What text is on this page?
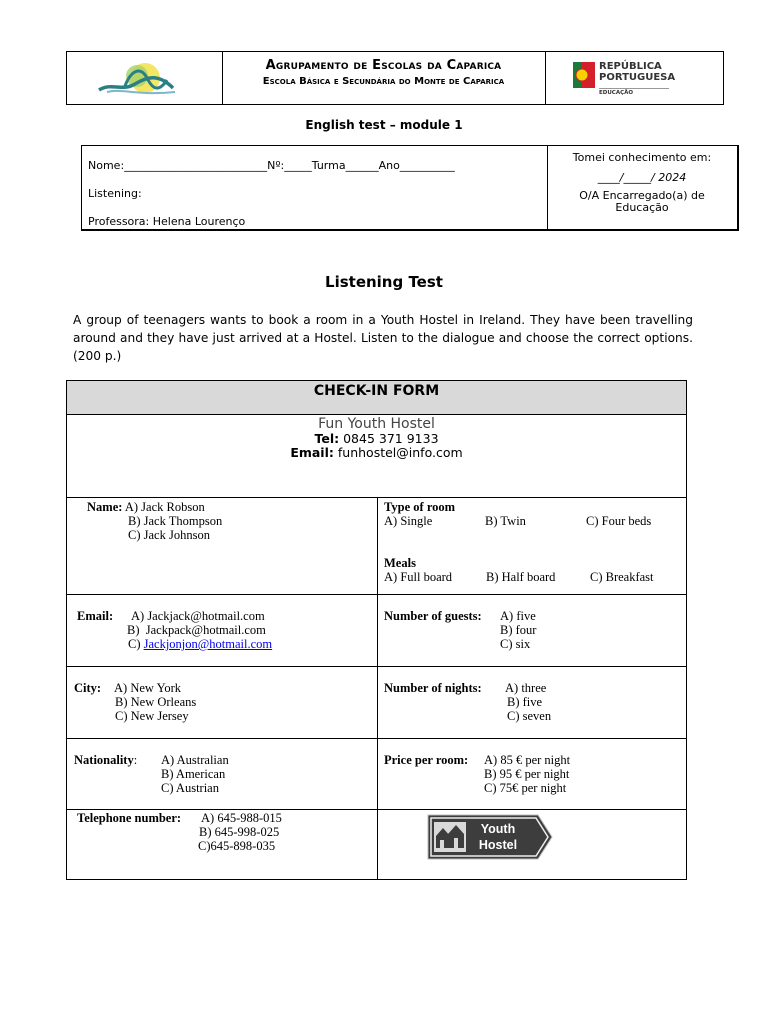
Agrupamento de Escolas da Caparica
Escola Básica e Secundária do Monte de Caparica
REPÚBLICA
PORTUGUESA
EDUCAÇÃO
English test – module 1
Nome:__________________________Nº:_____Turma______Ano__________
Listening:
Professora: Helena Lourenço
Tomei conhecimento em:
____/_____/ 2024
O/A Encarregado(a) de Educação
Listening Test
A group of teenagers wants to book a room in a Youth Hostel in Ireland. They have been travelling around and they have just arrived at a Hostel. Listen to the dialogue and choose the correct options. (200 p.)
CHECK-IN FORM
Fun Youth Hostel
Tel: 0845 371 9133
Email: funhostel@info.com
Name: A) Jack Robson
B) Jack Thompson
C) Jack Johnson
Type of room
A) Single	B) Twin	C) Four beds
Meals
A) Full board	B) Half board	C) Breakfast
Email: A) Jackjack@hotmail.com
B)  Jackpack@hotmail.com
C) Jackjonjon@hotmail.com
Number of guests: A) five
B) four
C) six
City: A) New York
B) New Orleans
C) New Jersey
Number of nights: A) three
B) five
C) seven
Nationality: A) Australian
B) American
C) Austrian
Price per room: A) 85 € per night
B) 95 € per night
C) 75€ per night
Telephone number: A) 645-988-015
B) 645-998-025
C)645-898-035
Youth
Hostel
